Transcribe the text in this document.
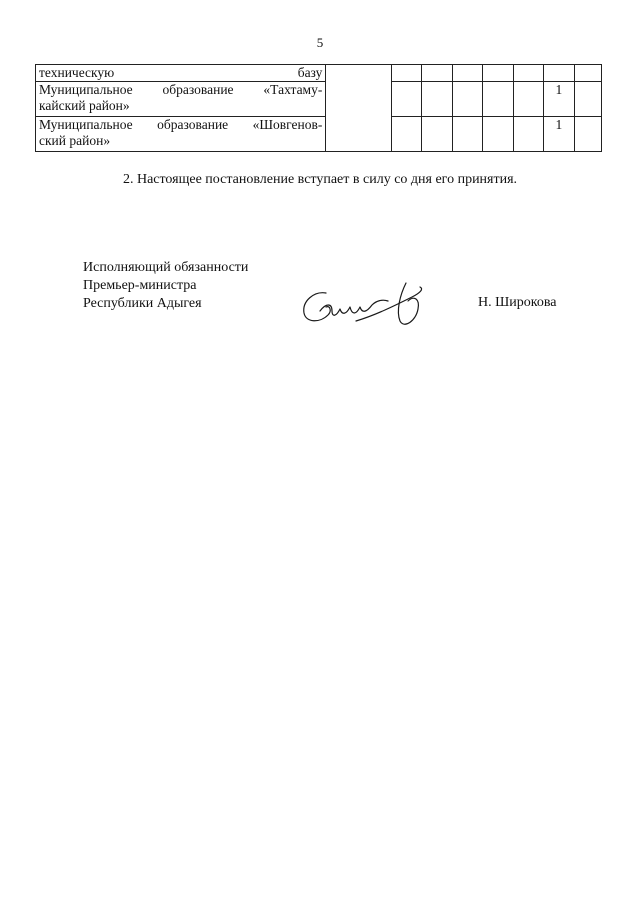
5
техническую базу								
Муниципальное образование «Тахтаму-
кайский район»							1	
Муниципальное образование «Шовгенов-
ский район»							1	
2. Настоящее постановление вступает в силу со дня его принятия.
Исполняющий обязанности
Премьер-министра
Республики Адыгея	Н. Широкова
